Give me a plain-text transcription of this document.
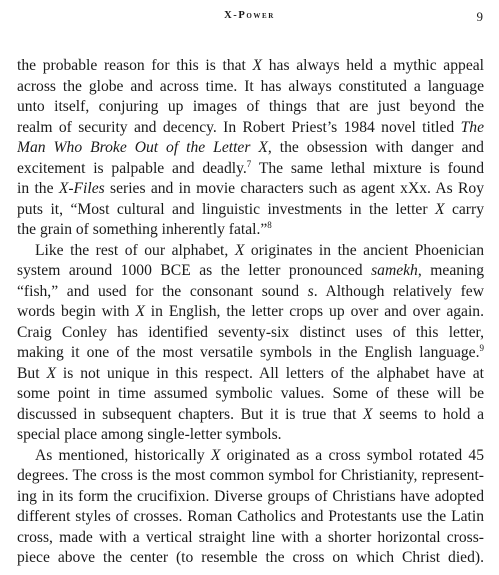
X-Power	9
the probable reason for this is that X has always held a mythic appeal
across the globe and across time. It has always constituted a language
unto itself, conjuring up images of things that are just beyond the
realm of security and decency. In Robert Priest’s 1984 novel titled The
Man Who Broke Out of the Letter X, the obsession with danger and
excitement is palpable and deadly.$^7$ The same lethal mixture is found
in the X-Files series and in movie characters such as agent xXx. As Roy
puts it, “Most cultural and linguistic investments in the letter X carry
the grain of something inherently fatal.”$^8$
Like the rest of our alphabet, X originates in the ancient Phoenician
system around 1000 BCE as the letter pronounced samekh, meaning
“fish,” and used for the consonant sound s. Although relatively few
words begin with X in English, the letter crops up over and over again.
Craig Conley has identified seventy-six distinct uses of this letter,
making it one of the most versatile symbols in the English language.$^9$
But X is not unique in this respect. All letters of the alphabet have at
some point in time assumed symbolic values. Some of these will be
discussed in subsequent chapters. But it is true that X seems to hold a
special place among single-letter symbols.
As mentioned, historically X originated as a cross symbol rotated 45
degrees. The cross is the most common symbol for Christianity, represent-
ing in its form the crucifixion. Diverse groups of Christians have adopted
different styles of crosses. Roman Catholics and Protestants use the Latin
cross, made with a vertical straight line with a shorter horizontal cross-
piece above the center (to resemble the cross on which Christ died).
